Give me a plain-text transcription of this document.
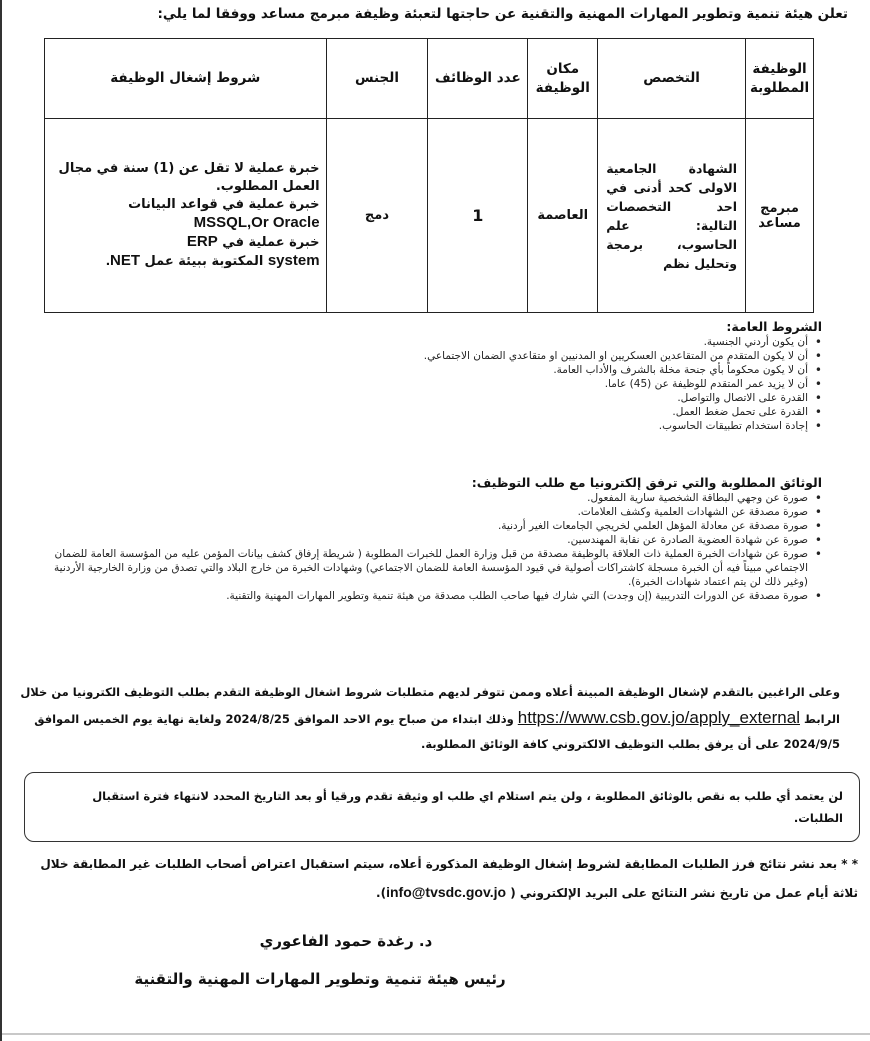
تعلن هيئة تنمية وتطوير المهارات المهنية والتقنية عن حاجتها لتعبئة وظيفة مبرمج مساعد ووفقا لما يلي:
الوظيفة المطلوبة	التخصص	مكان الوظيفة	عدد الوظائف	الجنس	شروط إشغال الوظيفة
مبرمج مساعد	الشهادة الجامعية الاولى كحد أدنى في احد التخصصات التالية: علم الحاسوب، برمجة وتحليل نظم	العاصمة	1	دمج	خبرة عملية لا تقل عن (1) سنة في مجال العمل المطلوب.
خبرة عملية في قواعد البيانات
MSSQL,Or Oracle
خبرة عملية في ERP
system المكتوبة ببيئة عمل .NET
الشروط العامة:
• أن يكون أردني الجنسية.
• أن لا يكون المتقدم من المتقاعدين العسكريين او المدنيين او متقاعدي الضمان الاجتماعي.
• أن لا يكون محكوماً بأي جنحة مخلة بالشرف والأداب العامة.
• أن لا يزيد عمر المتقدم للوظيفة عن (45) عاما.
• القدرة على الاتصال والتواصل.
• القدرة على تحمل ضغط العمل.
• إجادة استخدام تطبيقات الحاسوب.
الوثائق المطلوبة والتي ترفق إلكترونيا مع طلب التوظيف:
• صورة عن وجهي البطاقة الشخصية سارية المفعول.
• صورة مصدقة عن الشهادات العلمية وكشف العلامات.
• صورة مصدقة عن معادلة المؤهل العلمي لخريجي الجامعات الغير أردنية.
• صورة عن شهادة العضوية الصادرة عن نقابة المهندسين.
• صورة عن شهادات الخبرة العملية ذات العلاقة بالوظيفة مصدقة من قبل وزارة العمل للخبرات المطلوبة ( شريطة إرفاق كشف بيانات المؤمن عليه من المؤسسة العامة للضمان الاجتماعي مبيناً فيه أن الخبرة مسجلة كاشتراكات أصولية في قيود المؤسسة العامة للضمان الاجتماعي) وشهادات الخبرة من خارج البلاد والتي تصدق من وزارة الخارجية الأردنية (وغير ذلك لن يتم اعتماد شهادات الخبرة).
• صورة مصدقة عن الدورات التدريبية (إن وجدت) التي شارك فيها صاحب الطلب مصدقة من هيئة تنمية وتطوير المهارات المهنية والتقنية.
وعلى الراغبين بالتقدم لإشغال الوظيفة المبينة أعلاه وممن تتوفر لديهم متطلبات شروط اشغال الوظيفة التقدم بطلب التوظيف الكترونيا من خلال الرابط https://www.csb.gov.jo/apply_external وذلك ابتداء من صباح يوم الاحد الموافق 2024/8/25 ولغاية نهاية يوم الخميس الموافق 2024/9/5 على أن يرفق بطلب التوظيف الالكتروني كافة الوثائق المطلوبة.
لن يعتمد أي طلب به نقص بالوثائق المطلوبة ، ولن يتم استلام اي طلب او وثيقة تقدم ورقيا أو بعد التاريخ المحدد لانتهاء فترة استقبال الطلبات.
* * بعد نشر نتائج فرز الطلبات المطابقة لشروط إشغال الوظيفة المذكورة أعلاه، سيتم استقبال اعتراض أصحاب الطلبات غير المطابقة خلال ثلاثة أيام عمل من تاريخ نشر النتائج على البريد الإلكتروني ( info@tvsdc.gov.jo).
د. رغدة حمود الفاعوري
رئيس هيئة تنمية وتطوير المهارات المهنية والتقنية
